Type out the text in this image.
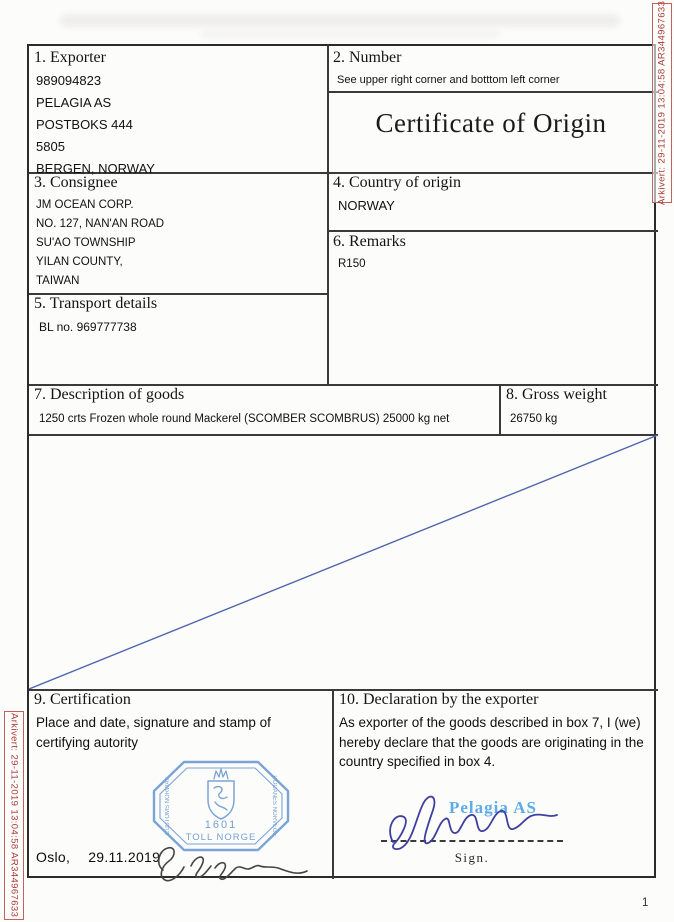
Arkivert: 29-11-2019 13:04:58 AR344967633
Arkivert: 29-11-2019 13:04:58 AR344967633
1. Exporter
989094823
PELAGIA AS
POSTBOKS 444
5805
BERGEN, NORWAY
2. Number
See upper right corner and botttom left corner
Certificate of Origin
3. Consignee
JM OCEAN CORP.
NO. 127, NAN'AN ROAD
SU'AO TOWNSHIP
YILAN COUNTY,
TAIWAN
4. Country of origin
NORWAY
6. Remarks
R150
5. Transport details
BL no. 969777738
7. Description of goods
1250 crts Frozen whole round Mackerel (SCOMBER SCOMBRUS) 25000 kg net
8. Gross weight
26750 kg
9. Certification
Place and date, signature and stamp of certifying autority
1601
TOLL NORGE
CUSTOMS NORWAY	DOUANES NORVEGE
Oslo, 29.11.2019
10. Declaration by the exporter
As exporter of the goods described in box 7, I (we) hereby declare that the goods are originating in the country specified in box 4.
Pelagia AS
Sign.
1
